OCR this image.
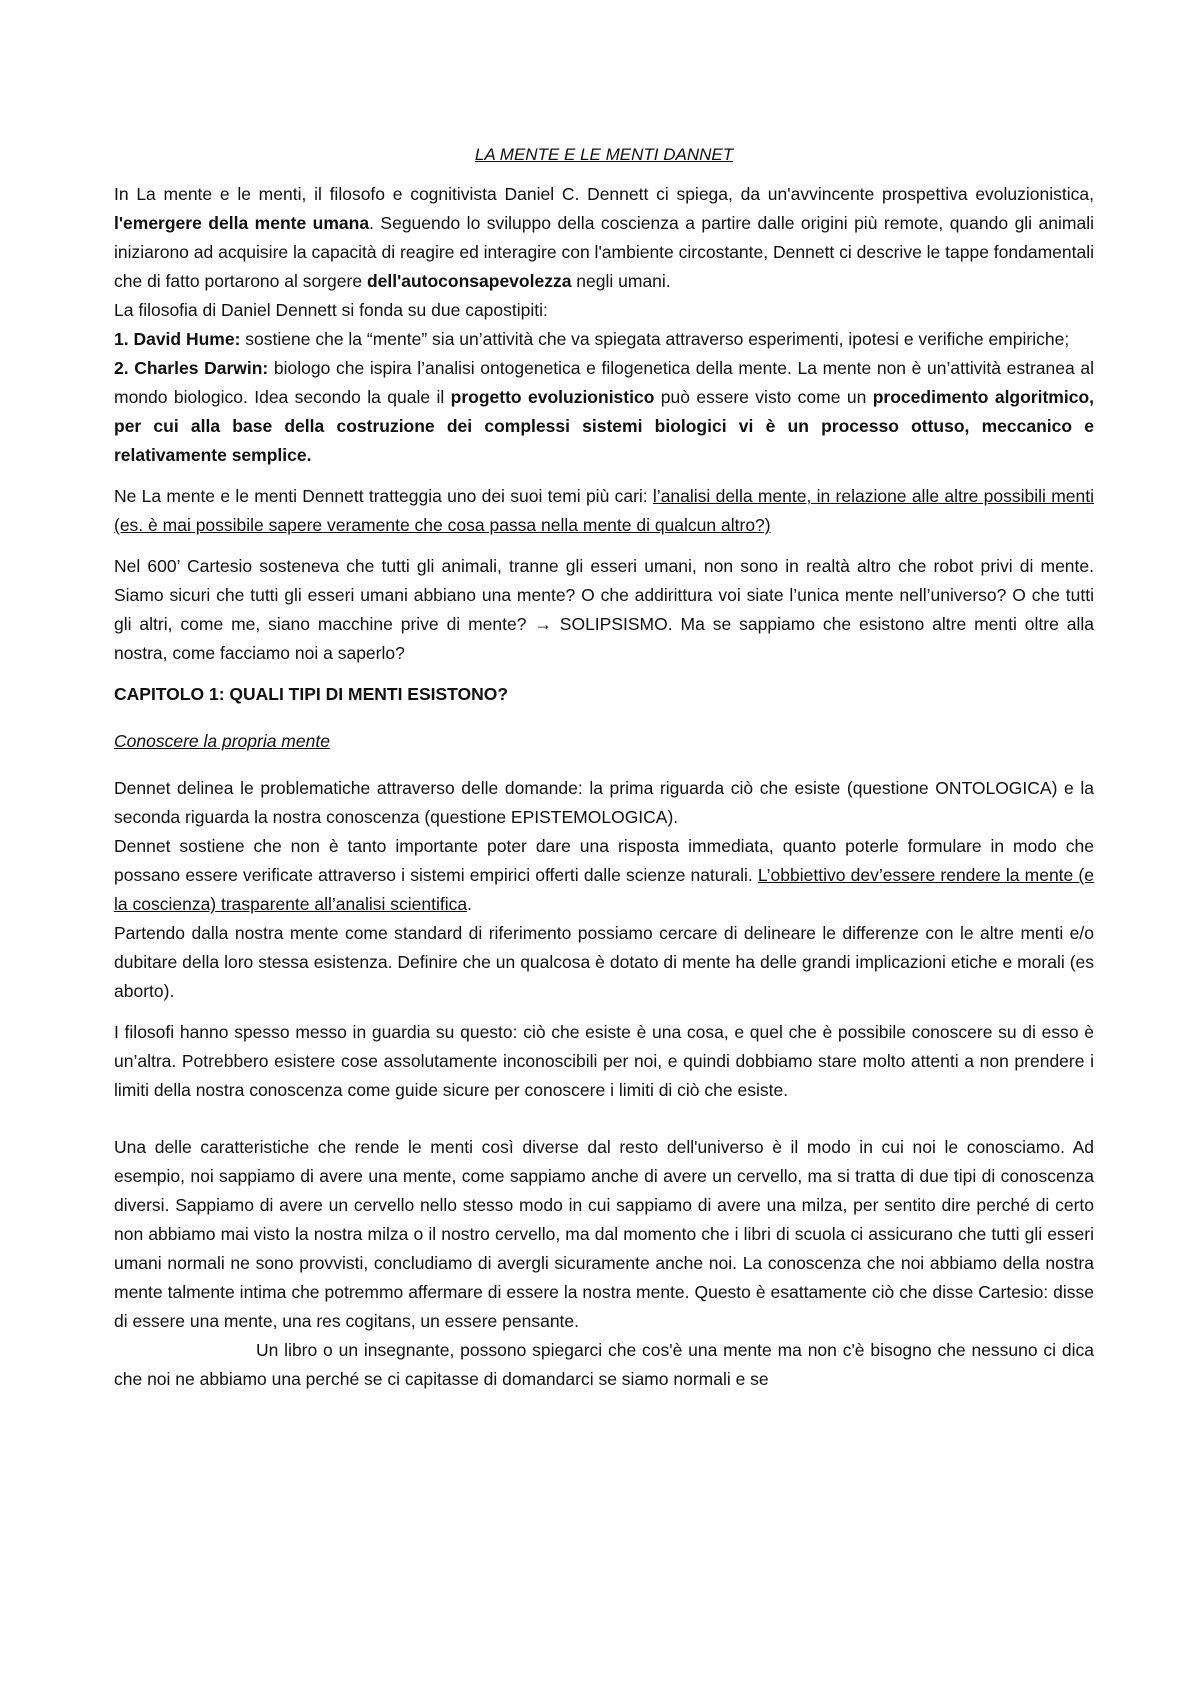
LA MENTE E LE MENTI DANNET

In La mente e le menti, il filosofo e cognitivista Daniel C. Dennett ci spiega, da un'avvincente prospettiva evoluzionistica, l'emergere della mente umana. Seguendo lo sviluppo della coscienza a partire dalle origini più remote, quando gli animali iniziarono ad acquisire la capacità di reagire ed interagire con l'ambiente circostante, Dennett ci descrive le tappe fondamentali che di fatto portarono al sorgere dell'autoconsapevolezza negli umani.

La filosofia di Daniel Dennett si fonda su due capostipiti:

1. David Hume: sostiene che la “mente” sia un’attività che va spiegata attraverso esperimenti, ipotesi e verifiche empiriche;

2. Charles Darwin: biologo che ispira l’analisi ontogenetica e filogenetica della mente. La mente non è un’attività estranea al mondo biologico. Idea secondo la quale il progetto evoluzionistico può essere visto come un procedimento algoritmico, per cui alla base della costruzione dei complessi sistemi biologici vi è un processo ottuso, meccanico e relativamente semplice.

Ne La mente e le menti Dennett tratteggia uno dei suoi temi più cari: l’analisi della mente, in relazione alle altre possibili menti (es. è mai possibile sapere veramente che cosa passa nella mente di qualcun altro?)

Nel 600’ Cartesio sosteneva che tutti gli animali, tranne gli esseri umani, non sono in realtà altro che robot privi di mente. Siamo sicuri che tutti gli esseri umani abbiano una mente? O che addirittura voi siate l’unica mente nell’universo? O che tutti gli altri, come me, siano macchine prive di mente? → SOLIPSISMO. Ma se sappiamo che esistono altre menti oltre alla nostra, come facciamo noi a saperlo?

CAPITOLO 1: QUALI TIPI DI MENTI ESISTONO?

Conoscere la propria mente

Dennet delinea le problematiche attraverso delle domande: la prima riguarda ciò che esiste (questione ONTOLOGICA) e la seconda riguarda la nostra conoscenza (questione EPISTEMOLOGICA).

Dennet sostiene che non è tanto importante poter dare una risposta immediata, quanto poterle formulare in modo che possano essere verificate attraverso i sistemi empirici offerti dalle scienze naturali. L’obbiettivo dev’essere rendere la mente (e la coscienza) trasparente all’analisi scientifica.

Partendo dalla nostra mente come standard di riferimento possiamo cercare di delineare le differenze con le altre menti e/o dubitare della loro stessa esistenza. Definire che un qualcosa è dotato di mente ha delle grandi implicazioni etiche e morali (es aborto).

I filosofi hanno spesso messo in guardia su questo: ciò che esiste è una cosa, e quel che è possibile conoscere su di esso è un’altra. Potrebbero esistere cose assolutamente inconoscibili per noi, e quindi dobbiamo stare molto attenti a non prendere i limiti della nostra conoscenza come guide sicure per conoscere i limiti di ciò che esiste.

Una delle caratteristiche che rende le menti così diverse dal resto dell'universo è il modo in cui noi le conosciamo. Ad esempio, noi sappiamo di avere una mente, come sappiamo anche di avere un cervello, ma si tratta di due tipi di conoscenza diversi. Sappiamo di avere un cervello nello stesso modo in cui sappiamo di avere una milza, per sentito dire perché di certo non abbiamo mai visto la nostra milza o il nostro cervello, ma dal momento che i libri di scuola ci assicurano che tutti gli esseri umani normali ne sono provvisti, concludiamo di avergli sicuramente anche noi. La conoscenza che noi abbiamo della nostra mente talmente intima che potremmo affermare di essere la nostra mente. Questo è esattamente ciò che disse Cartesio: disse di essere una mente, una res cogitans, un essere pensante.

Un libro o un insegnante, possono spiegarci che cos'è una mente ma non c'è bisogno che nessuno ci dica che noi ne abbiamo una perché se ci capitasse di domandarci se siamo normali e se
